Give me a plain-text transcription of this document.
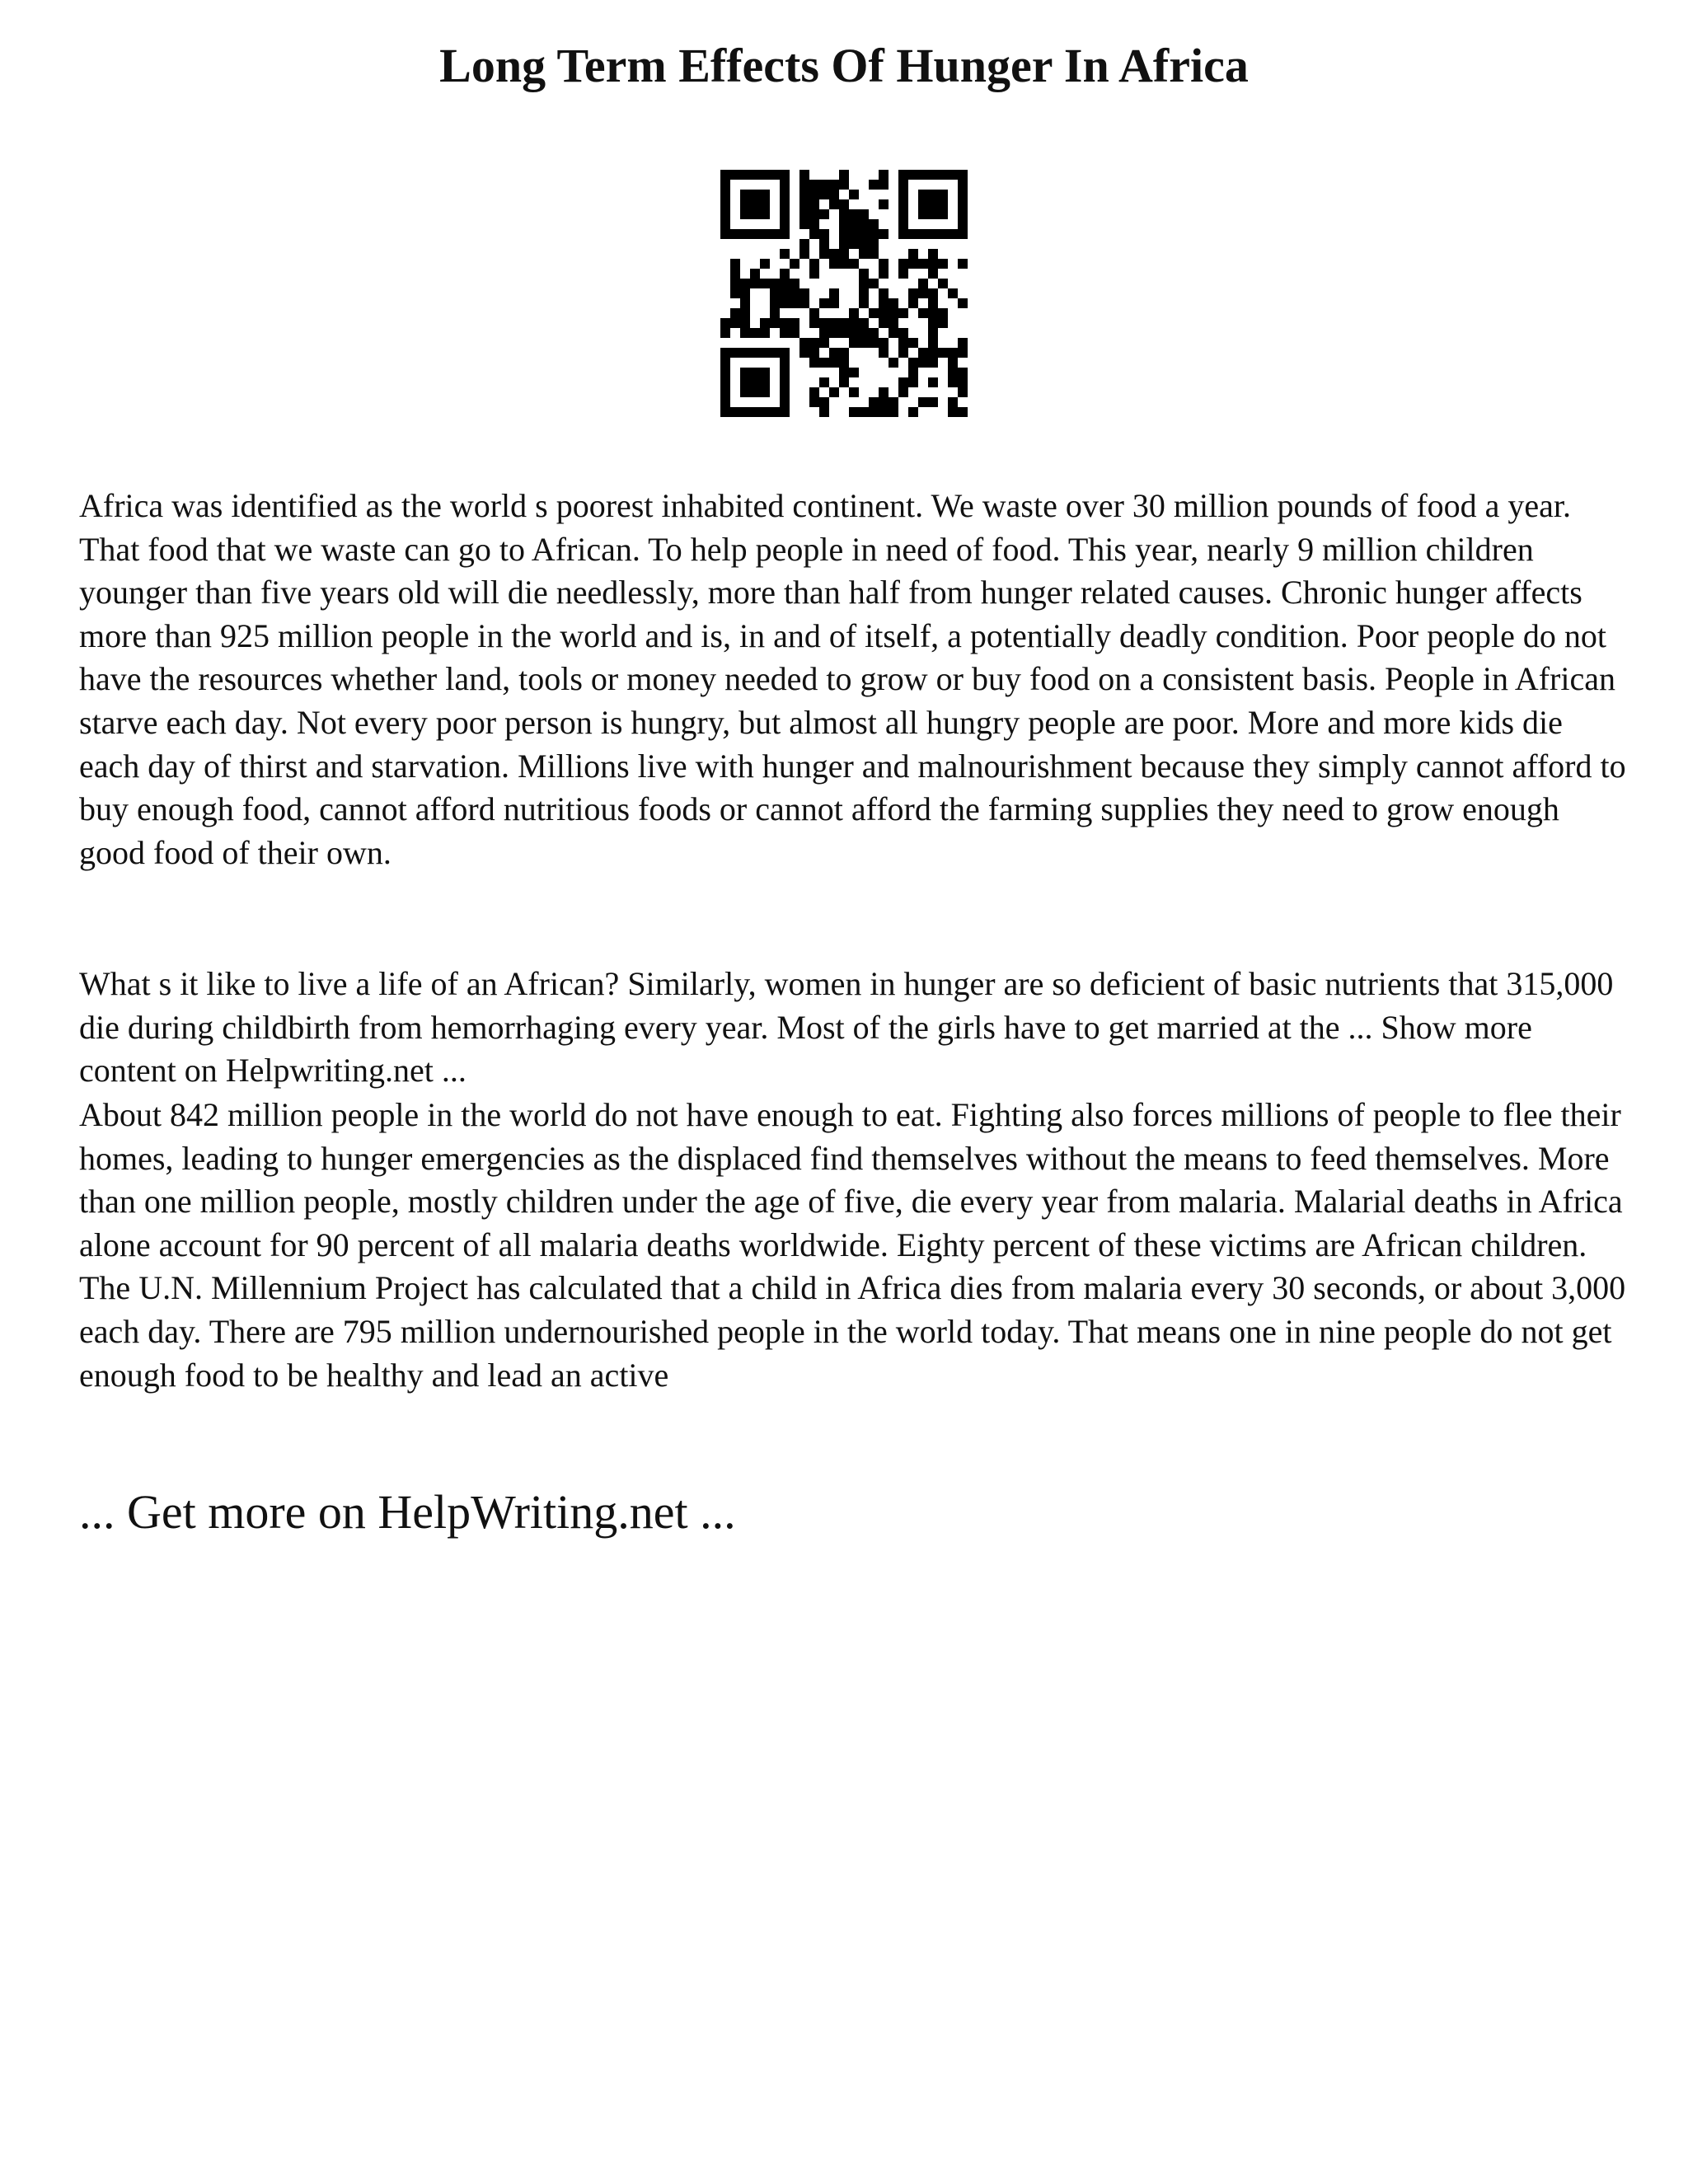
Long Term Effects Of Hunger In Africa

Africa was identified as the world s poorest inhabited continent. We waste over 30 million pounds of food a year. That food that we waste can go to African. To help people in need of food. This year, nearly 9 million children younger than five years old will die needlessly, more than half from hunger related causes. Chronic hunger affects more than 925 million people in the world and is, in and of itself, a potentially deadly condition. Poor people do not have the resources whether land, tools or money needed to grow or buy food on a consistent basis. People in African starve each day. Not every poor person is hungry, but almost all hungry people are poor. More and more kids die each day of thirst and starvation. Millions live with hunger and malnourishment because they simply cannot afford to buy enough food, cannot afford nutritious foods or cannot afford the farming supplies they need to grow enough good food of their own.

What s it like to live a life of an African? Similarly, women in hunger are so deficient of basic nutrients that 315,000 die during childbirth from hemorrhaging every year. Most of the girls have to get married at the ... Show more content on Helpwriting.net ...

About 842 million people in the world do not have enough to eat. Fighting also forces millions of people to flee their homes, leading to hunger emergencies as the displaced find themselves without the means to feed themselves. More than one million people, mostly children under the age of five, die every year from malaria. Malarial deaths in Africa alone account for 90 percent of all malaria deaths worldwide. Eighty percent of these victims are African children. The U.N. Millennium Project has calculated that a child in Africa dies from malaria every 30 seconds, or about 3,000 each day. There are 795 million undernourished people in the world today. That means one in nine people do not get enough food to be healthy and lead an active

... Get more on HelpWriting.net ...
